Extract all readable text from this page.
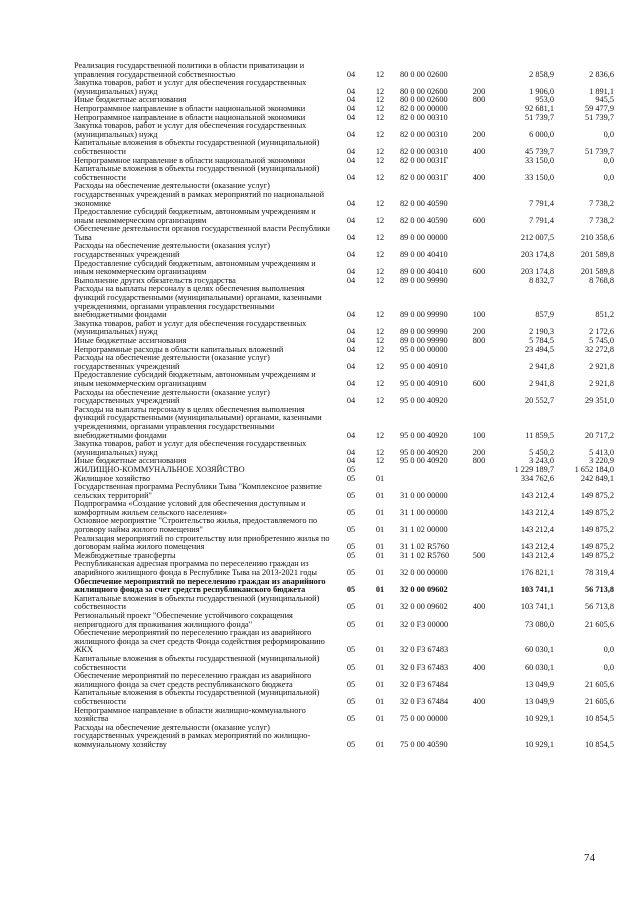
Реализация государственной политики в области приватизации и управления государственной собственностью	04	12	80 0 00 02600	2 858,9	2 836,6
Закупка товаров, работ и услуг для обеспечения государственных (муниципальных) нужд	04	12	80 0 00 02600	200	1 906,0	1 891,1
Иные бюджетные ассигнования	04	12	80 0 00 02600	800	953,0	945,5
Непрограммное направление в области национальной экономики	04	12	82 0 00 00000	92 681,1	59 477,9
Непрограммное направление в области национальной экономики	04	12	82 0 00 00310	51 739,7	51 739,7
Закупка товаров, работ и услуг для обеспечения государственных (муниципальных) нужд	04	12	82 0 00 00310	200	6 000,0	0,0
Капитальные вложения в объекты государственной (муниципальной) собственности	04	12	82 0 00 00310	400	45 739,7	51 739,7
Непрограммное направление в области национальной экономики	04	12	82 0 00 0031Г	33 150,0	0,0
Капитальные вложения в объекты государственной (муниципальной) собственности	04	12	82 0 00 0031Г	400	33 150,0	0,0
Расходы на обеспечение деятельности (оказание услуг) государственных учреждений в рамках мероприятий по национальной экономике	04	12	82 0 00 40590	7 791,4	7 738,2
Предоставление субсидий бюджетным, автономным учреждениям и иным некоммерческим организациям	04	12	82 0 00 40590	600	7 791,4	7 738,2
Обеспечение деятельности органов государственной власти Республики Тыва	04	12	89 0 00 00000	212 007,5	210 358,6
Расходы на обеспечение деятельности (оказания услуг) государственных учреждений	04	12	89 0 00 40410	203 174,8	201 589,8
Предоставление субсидий бюджетным, автономным учреждениям и иным некоммерческим организациям	04	12	89 0 00 40410	600	203 174,8	201 589,8
Выполнение других обязательств государства	04	12	89 0 00 99990	8 832,7	8 768,8
Расходы на выплаты персоналу в целях обеспечения выполнения функций государственными (муниципальными) органами, казенными учреждениями, органами управления государственными внебюджетными фондами	04	12	89 0 00 99990	100	857,9	851,2
Закупка товаров, работ и услуг для обеспечения государственных (муниципальных) нужд	04	12	89 0 00 99990	200	2 190,3	2 172,6
Иные бюджетные ассигнования	04	12	89 0 00 99990	800	5 784,5	5 745,0
Непрограммные расходы в области капитальных вложений	04	12	95 0 00 00000	23 494,5	32 272,8
Расходы на обеспечение деятельности (оказание услуг) государственных учреждений	04	12	95 0 00 40910	2 941,8	2 921,8
Предоставление субсидий бюджетным, автономным учреждениям и иным некоммерческим организациям	04	12	95 0 00 40910	600	2 941,8	2 921,8
Расходы на обеспечение деятельности (оказание услуг) государственных учреждений	04	12	95 0 00 40920	20 552,7	29 351,0
Расходы на выплаты персоналу в целях обеспечения выполнения функций государственными (муниципальными) органами, казенными учреждениями, органами управления государственными внебюджетными фондами	04	12	95 0 00 40920	100	11 859,5	20 717,2
Закупка товаров, работ и услуг для обеспечения государственных (муниципальных) нужд	04	12	95 0 00 40920	200	5 450,2	5 413,0
Иные бюджетные ассигнования	04	12	95 0 00 40920	800	3 243,0	3 220,9
ЖИЛИЩНО-КОММУНАЛЬНОЕ ХОЗЯЙСТВО	05	1 229 189,7	1 652 184,0
Жилищное хозяйство	05	01	334 762,6	242 849,1
Государственная программа Республики Тыва "Комплексное развитие сельских территорий"	05	01	31 0 00 00000	143 212,4	149 875,2
Подпрограмма «Создание условий для обеспечения доступным и комфортным жильем сельского населения»	05	01	31 1 00 00000	143 212,4	149 875,2
Основное мероприятие "Строительство жилья, предоставляемого по договору найма жилого помещения"	05	01	31 1 02 00000	143 212,4	149 875,2
Реализация мероприятий по строительству или приобретению жилья по договорам найма жилого помещения	05	01	31 1 02 R5760	143 212,4	149 875,2
Межбюджетные трансферты	05	01	31 1 02 R5760	500	143 212,4	149 875,2
Республиканская адресная программа по переселению граждан из аварийного жилищного фонда в Республике Тыва на 2013-2021 годы	05	01	32 0 00 00000	176 821,1	78 319,4
Обеспечение мероприятий по переселению граждан из аварийного жилищного фонда за счет средств республиканского бюджета	05	01	32 0 00 09602	103 741,1	56 713,8
Капитальные вложения в объекты государственной (муниципальной) собственности	05	01	32 0 00 09602	400	103 741,1	56 713,8
Региональный проект "Обеспечение устойчивого сокращения непригодного для проживания жилищного фонда"	05	01	32 0 F3 00000	73 080,0	21 605,6
Обеспечение мероприятий по переселению граждан из аварийного жилищного фонда за счет средств Фонда содействия реформированию ЖКХ	05	01	32 0 F3 67483	60 030,1	0,0
Капитальные вложения в объекты государственной (муниципальной) собственности	05	01	32 0 F3 67483	400	60 030,1	0,0
Обеспечение мероприятий по переселению граждан из аварийного жилищного фонда за счет средств республиканского бюджета	05	01	32 0 F3 67484	13 049,9	21 605,6
Капитальные вложения в объекты государственной (муниципальной) собственности	05	01	32 0 F3 67484	400	13 049,9	21 605,6
Непрограммное направление в области жилищно-коммунального хозяйства	05	01	75 0 00 00000	10 929,1	10 854,5
Расходы на обеспечение деятельности (оказание услуг) государственных учреждений в рамках мероприятий по жилищно-коммунальному хозяйству	05	01	75 0 00 40590	10 929,1	10 854,5
74
